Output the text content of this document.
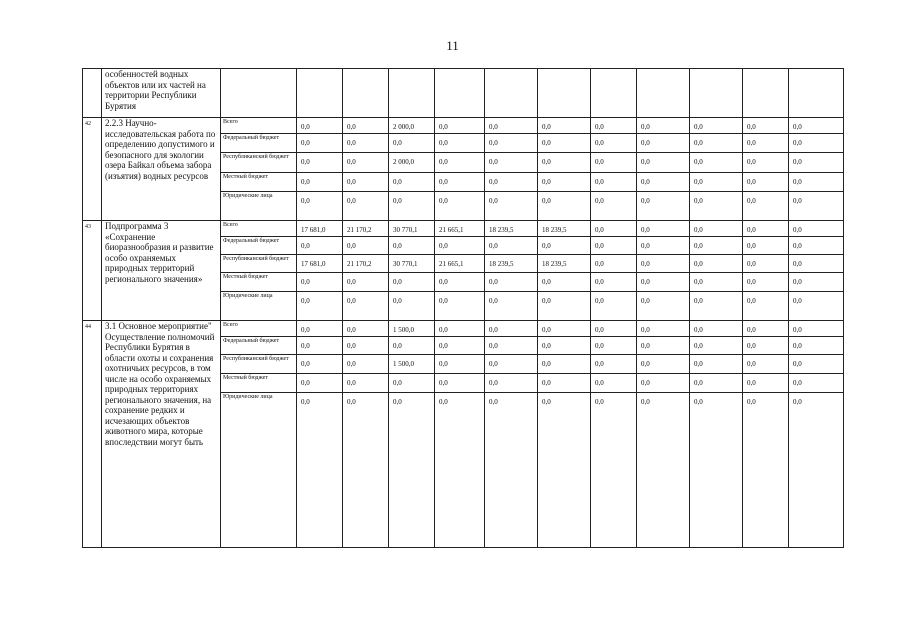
11
	особенностей водных объектов или их частей на территории Республики Бурятия												
42	2.2.3 Научно-исследовательская работа по определению допустимого и безопасного для экологии озера Байкал объема забора (изъятия) водных ресурсов	Всего	0,0	0,0	2 000,0	0,0	0,0	0,0	0,0	0,0	0,0	0,0	0,0
		Федеральный бюджет	0,0	0,0	0,0	0,0	0,0	0,0	0,0	0,0	0,0	0,0	0,0
		Республиканский бюджет	0,0	0,0	2 000,0	0,0	0,0	0,0	0,0	0,0	0,0	0,0	0,0
		Местный бюджет	0,0	0,0	0,0	0,0	0,0	0,0	0,0	0,0	0,0	0,0	0,0
		Юридические лица	0,0	0,0	0,0	0,0	0,0	0,0	0,0	0,0	0,0	0,0	0,0
43	Подпрограмма 3 «Сохранение биоразнообразия и развитие особо охраняемых природных территорий регионального значения»	Всего	17 681,0	21 170,2	30 770,1	21 665,1	18 239,5	18 239,5	0,0	0,0	0,0	0,0	0,0
		Федеральный бюджет	0,0	0,0	0,0	0,0	0,0	0,0	0,0	0,0	0,0	0,0	0,0
		Республиканский бюджет	17 681,0	21 170,2	30 770,1	21 665,1	18 239,5	18 239,5	0,0	0,0	0,0	0,0	0,0
		Местный бюджет	0,0	0,0	0,0	0,0	0,0	0,0	0,0	0,0	0,0	0,0	0,0
		Юридические лица	0,0	0,0	0,0	0,0	0,0	0,0	0,0	0,0	0,0	0,0	0,0
44	3.1 Основное мероприятие" Осуществление полномочий Республики Бурятия в области охоты и сохранения охотничьих ресурсов, в том числе на особо охраняемых природных территориях регионального значения, на сохранение редких и исчезающих объектов животного мира, которые впоследствии могут быть	Всего	0,0	0,0	1 500,0	0,0	0,0	0,0	0,0	0,0	0,0	0,0	0,0
		Федеральный бюджет	0,0	0,0	0,0	0,0	0,0	0,0	0,0	0,0	0,0	0,0	0,0
		Республиканский бюджет	0,0	0,0	1 500,0	0,0	0,0	0,0	0,0	0,0	0,0	0,0	0,0
		Местный бюджет	0,0	0,0	0,0	0,0	0,0	0,0	0,0	0,0	0,0	0,0	0,0
		Юридические лица	0,0	0,0	0,0	0,0	0,0	0,0	0,0	0,0	0,0	0,0	0,0
